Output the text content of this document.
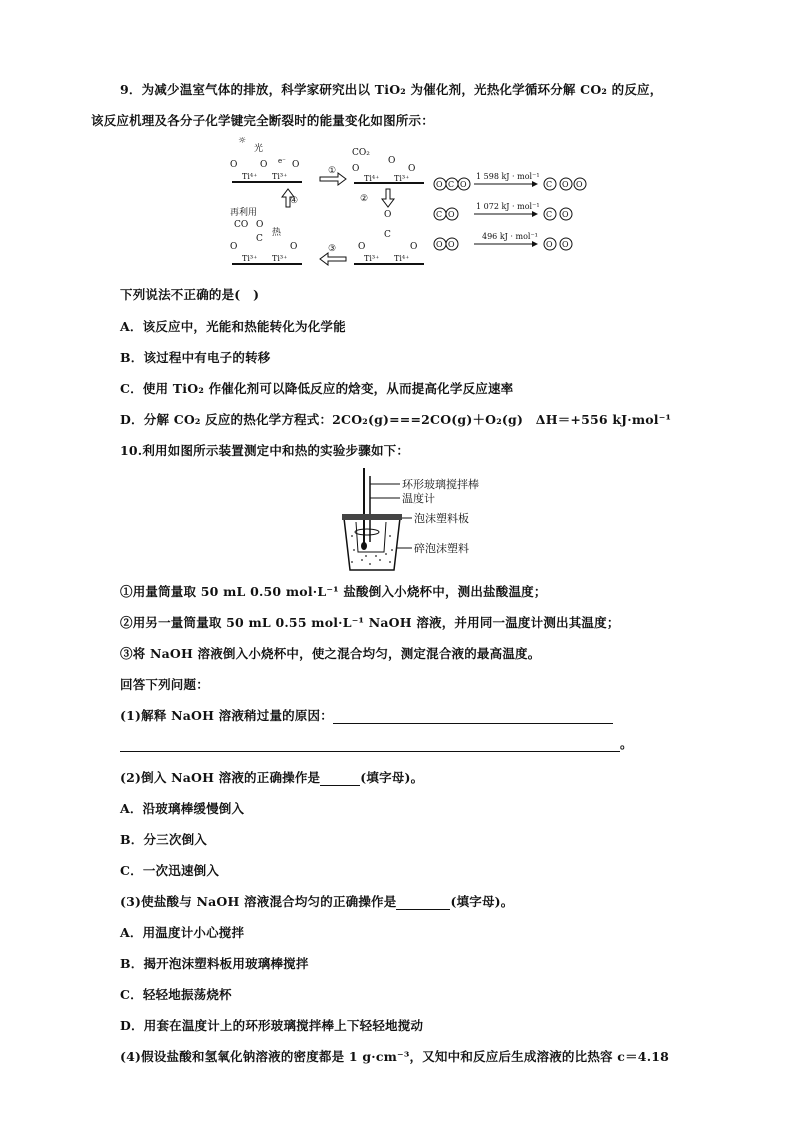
9．为减少温室气体的排放，科学家研究出以 TiO₂ 为催化剂，光热化学循环分解 CO₂ 的反应，
该反应机理及各分子化学键完全断裂时的能量变化如图所示：
☼
光
O	O	O
e⁻
Ti⁴⁺ Ti³⁺
①
CO₂
O
O	O
Ti⁴⁺ Ti³⁺
②
O
C
O	O
Ti³⁺ Ti⁴⁺
③
再利用
CO O
热
C
O	O
Ti³⁺ Ti³⁺
④
O C O
1 598 kJ · mol⁻¹
C O O
C O
1 072 kJ · mol⁻¹
C O
O O
496 kJ · mol⁻¹
O O
下列说法不正确的是(　)
A．该反应中，光能和热能转化为化学能
B．该过程中有电子的转移
C．使用 TiO₂ 作催化剂可以降低反应的焓变，从而提高化学反应速率
D．分解 CO₂ 反应的热化学方程式：2CO₂(g)===2CO(g)＋O₂(g)　ΔH＝+556 kJ·mol⁻¹
10.利用如图所示装置测定中和热的实验步骤如下：
环形玻璃搅拌棒
温度计
泡沫塑料板
碎泡沫塑料
①用量筒量取 50 mL 0.50 mol·L⁻¹ 盐酸倒入小烧杯中，测出盐酸温度；
②用另一量筒量取 50 mL 0.55 mol·L⁻¹ NaOH 溶液，并用同一温度计测出其温度；
③将 NaOH 溶液倒入小烧杯中，使之混合均匀，测定混合液的最高温度。
回答下列问题：
(1)解释 NaOH 溶液稍过量的原因：
。
(2)倒入 NaOH 溶液的正确操作是	(填字母)。
A．沿玻璃棒缓慢倒入
B．分三次倒入
C．一次迅速倒入
(3)使盐酸与 NaOH 溶液混合均匀的正确操作是	(填字母)。
A．用温度计小心搅拌
B．揭开泡沫塑料板用玻璃棒搅拌
C．轻轻地振荡烧杯
D．用套在温度计上的环形玻璃搅拌棒上下轻轻地搅动
(4)假设盐酸和氢氧化钠溶液的密度都是 1 g·cm⁻³，又知中和反应后生成溶液的比热容 c＝4.18
